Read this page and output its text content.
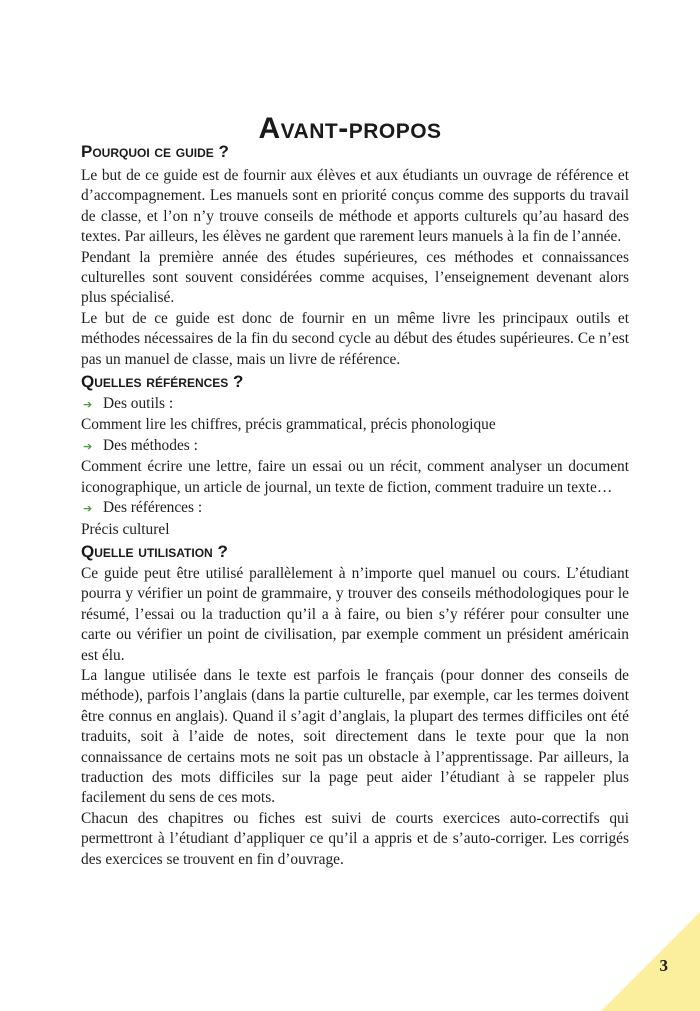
Avant-propos
Pourquoi ce guide ?

Le but de ce guide est de fournir aux élèves et aux étudiants un ouvrage de référence et d’accompagnement. Les manuels sont en priorité conçus comme des supports du travail de classe, et l’on n’y trouve conseils de méthode et apports culturels qu’au hasard des textes. Par ailleurs, les élèves ne gardent que rarement leurs manuels à la fin de l’année.

Pendant la première année des études supérieures, ces méthodes et connaissances culturelles sont souvent considérées comme acquises, l’enseignement devenant alors plus spécialisé.

Le but de ce guide est donc de fournir en un même livre les principaux outils et méthodes nécessaires de la fin du second cycle au début des études supérieures. Ce n’est pas un manuel de classe, mais un livre de référence.

Quelles références ?

➔ Des outils :

Comment lire les chiffres, précis grammatical, précis phonologique

➔ Des méthodes :

Comment écrire une lettre, faire un essai ou un récit, comment analyser un document iconographique, un article de journal, un texte de fiction, comment traduire un texte…

➔ Des références :

Précis culturel

Quelle utilisation ?

Ce guide peut être utilisé parallèlement à n’importe quel manuel ou cours. L’étudiant pourra y vérifier un point de grammaire, y trouver des conseils méthodologiques pour le résumé, l’essai ou la traduction qu’il a à faire, ou bien s’y référer pour consulter une carte ou vérifier un point de civilisation, par exemple comment un président américain est élu.

La langue utilisée dans le texte est parfois le français (pour donner des conseils de méthode), parfois l’anglais (dans la partie culturelle, par exemple, car les termes doivent être connus en anglais). Quand il s’agit d’anglais, la plupart des termes difficiles ont été traduits, soit à l’aide de notes, soit directement dans le texte pour que la non connaissance de certains mots ne soit pas un obstacle à l’apprentissage. Par ailleurs, la traduction des mots difficiles sur la page peut aider l’étudiant à se rappeler plus facilement du sens de ces mots.

Chacun des chapitres ou fiches est suivi de courts exercices auto-correctifs qui permettront à l’étudiant d’appliquer ce qu’il a appris et de s’auto-corriger. Les corrigés des exercices se trouvent en fin d’ouvrage.

3
